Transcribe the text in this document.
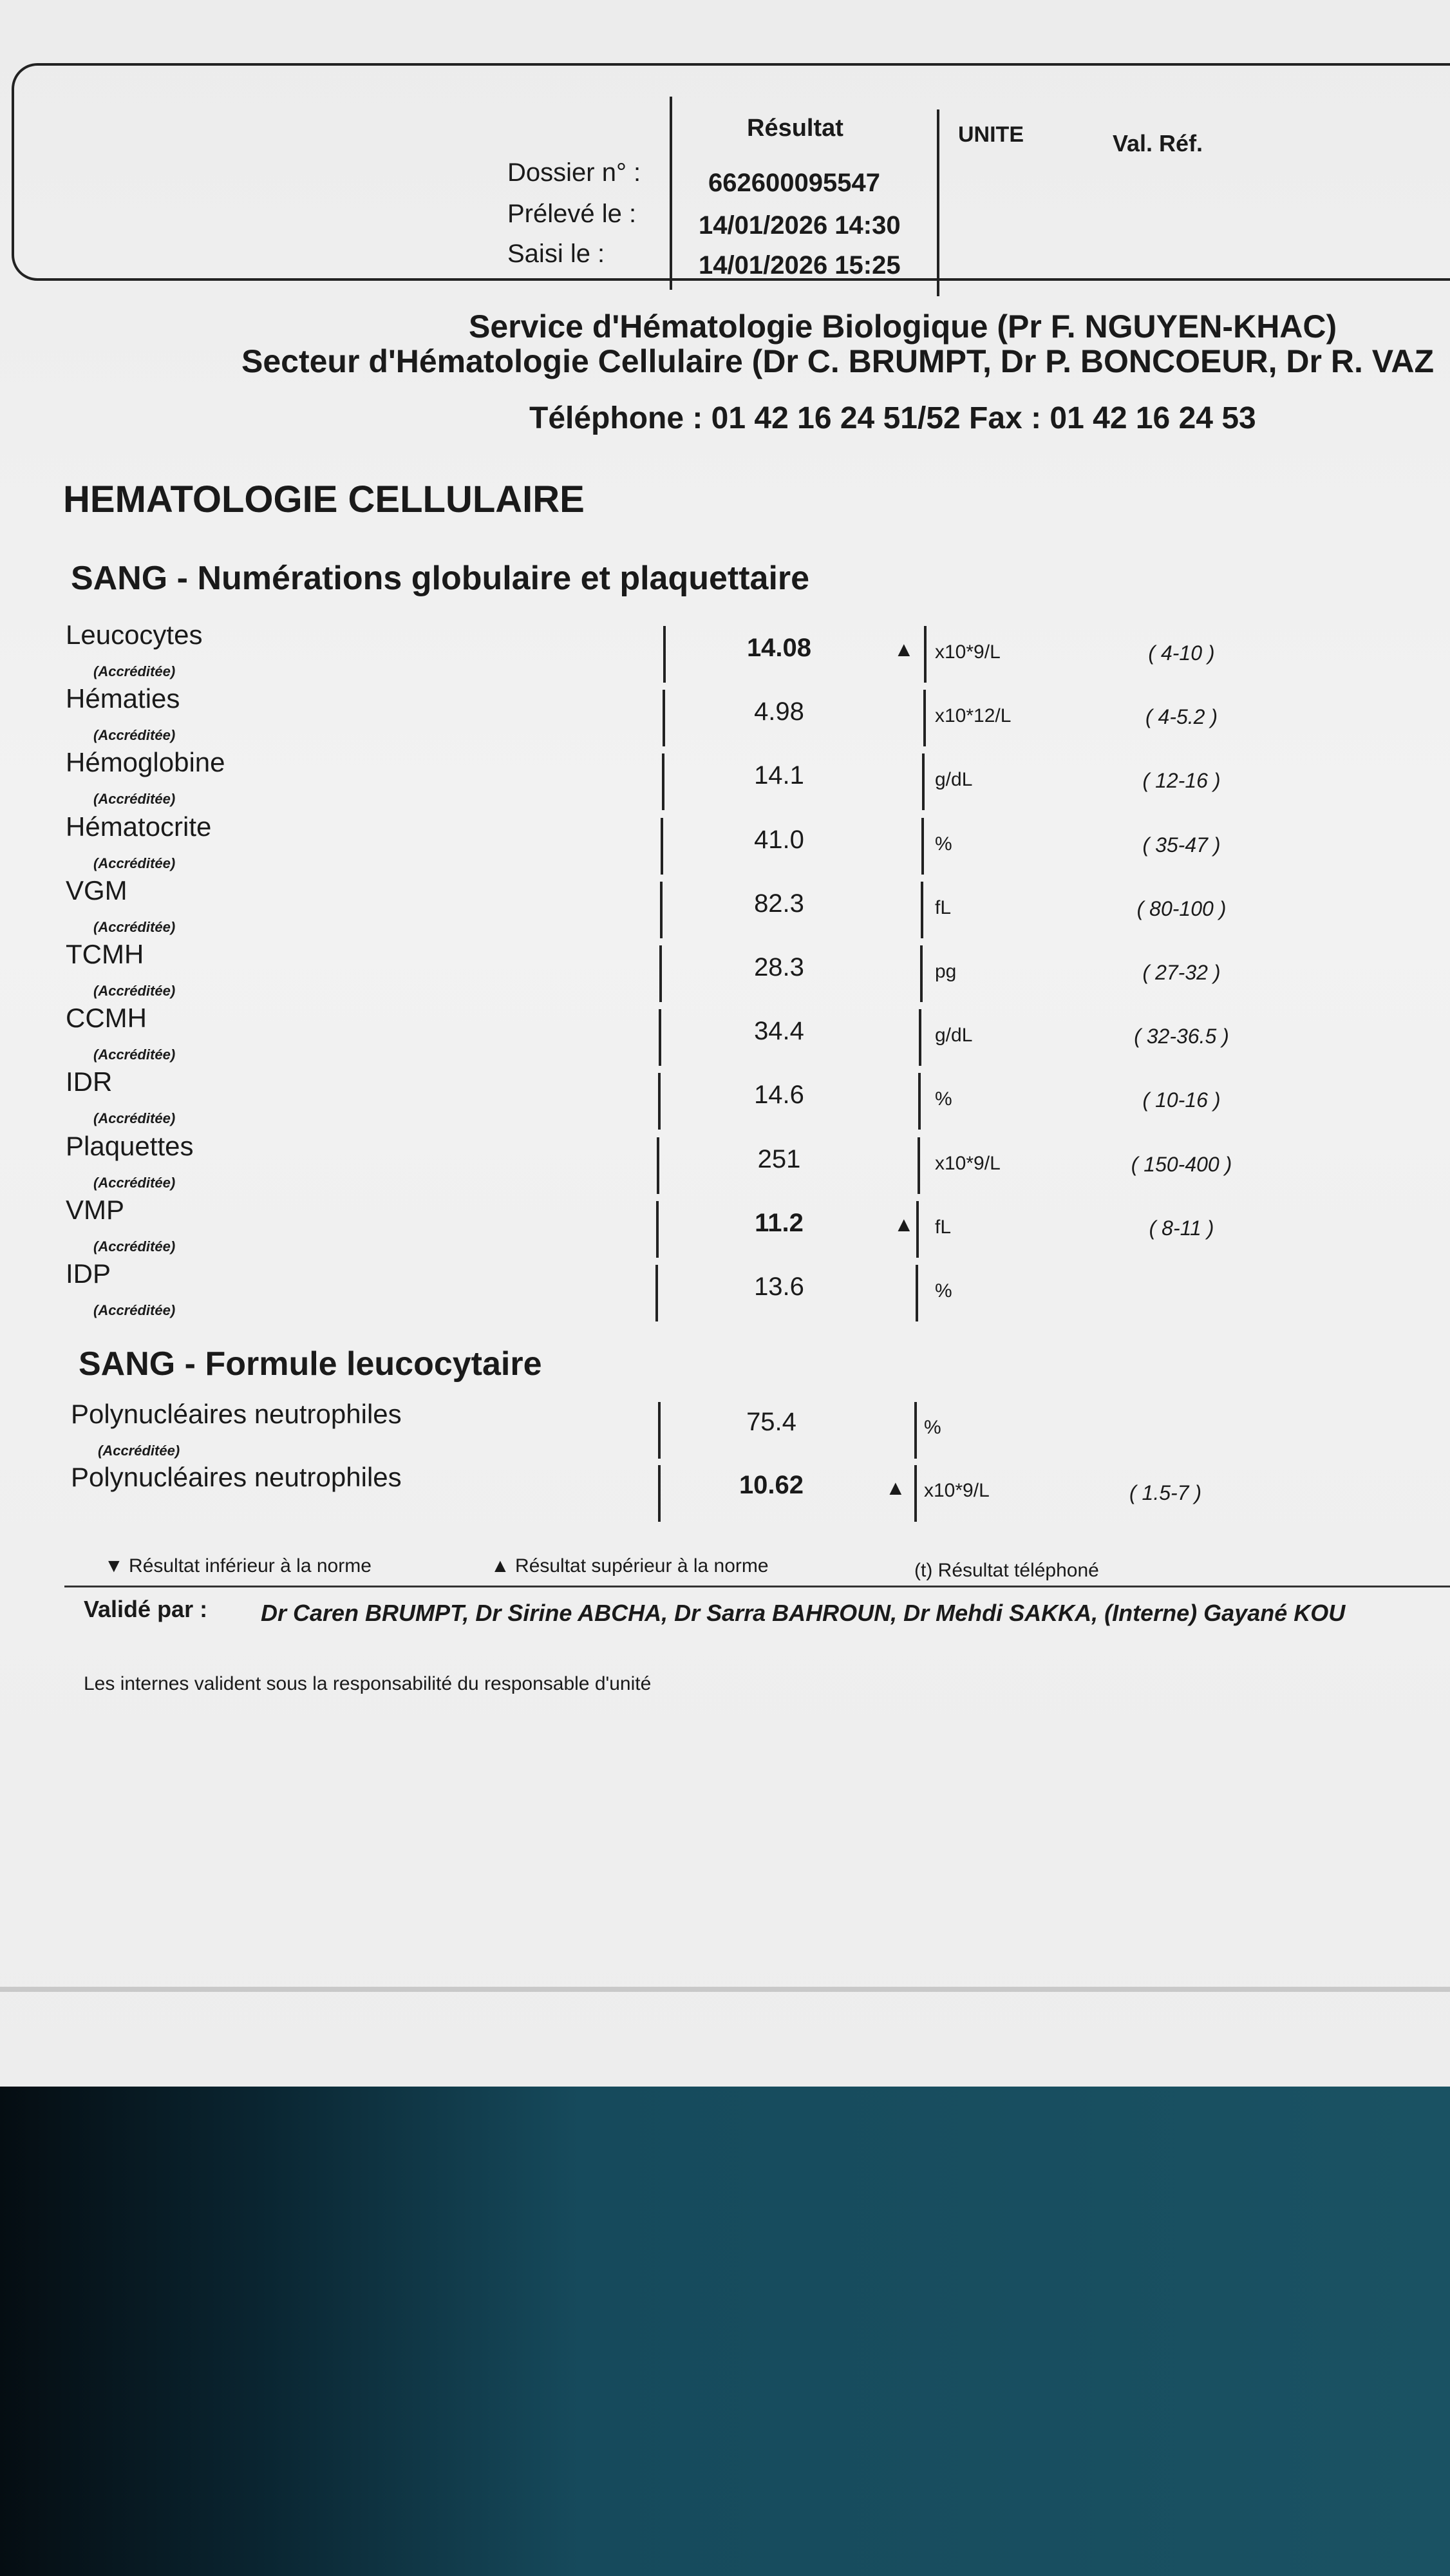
Résultat	UNITE	Val. Réf.
Dossier n° :	662600095547
Prélevé le : 14/01/2026 14:30
Saisi le :	14/01/2026 15:25
Service d'Hématologie Biologique (Pr F. NGUYEN-KHAC)
Secteur d'Hématologie Cellulaire (Dr C. BRUMPT, Dr P. BONCOEUR, Dr R. VAZ
Téléphone : 01 42 16 24 51/52 Fax : 01 42 16 24 53
HEMATOLOGIE CELLULAIRE
SANG - Numérations globulaire et plaquettaire
Leucocytes
(Accréditée)
14.08	▲ x10*9/L	( 4-10 )
Hématies
(Accréditée)
4.98	x10*12/L	( 4-5.2 )
Hémoglobine
(Accréditée)
14.1	g/dL	( 12-16 )
Hématocrite
(Accréditée)
41.0	%	( 35-47 )
VGM
(Accréditée)
82.3	fL	( 80-100 )
TCMH
(Accréditée)
28.3	pg	( 27-32 )
CCMH
(Accréditée)
34.4	g/dL	( 32-36.5 )
IDR
(Accréditée)
14.6	%	( 10-16 )
Plaquettes
(Accréditée)
251	x10*9/L	( 150-400 )
VMP
(Accréditée)
11.2	▲ fL	( 8-11 )
IDP
(Accréditée)
13.6	%
SANG - Formule leucocytaire
Polynucléaires neutrophiles
(Accréditée)
75.4	%
Polynucléaires neutrophiles	10.62	▲ x10*9/L	( 1.5-7 )
▼ Résultat inférieur à la norme	▲ Résultat supérieur à la norme	(t) Résultat téléphoné
Validé par : Dr Caren BRUMPT, Dr Sirine ABCHA, Dr Sarra BAHROUN, Dr Mehdi SAKKA, (Interne) Gayané KOU
Les internes valident sous la responsabilité du responsable d'unité
